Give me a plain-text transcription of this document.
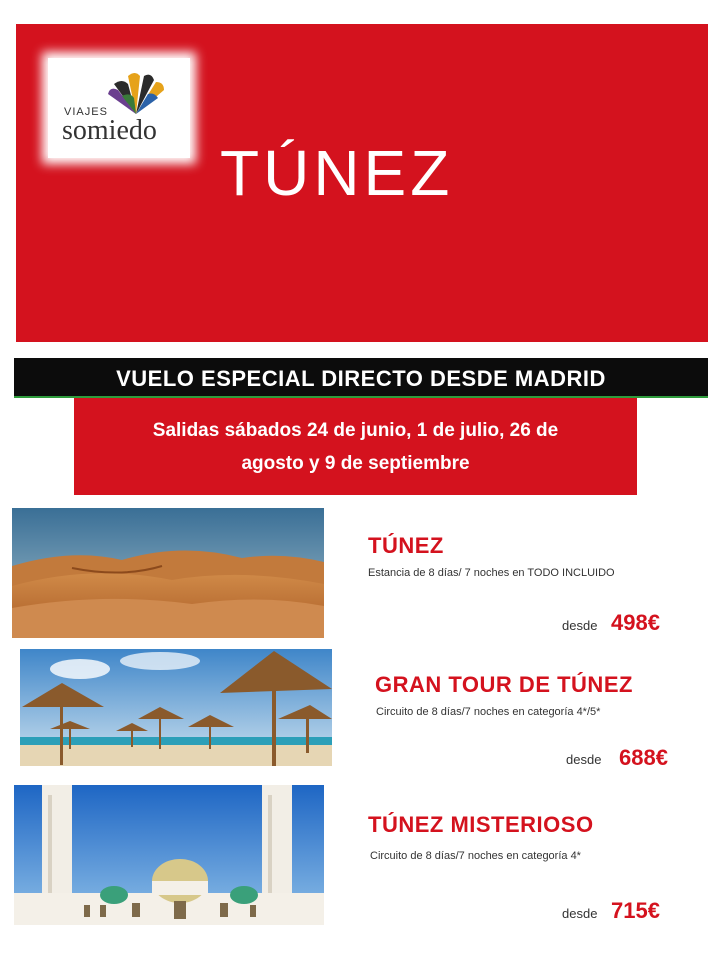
VIAJES
somiedo
TÚNEZ
VUELO ESPECIAL DIRECTO DESDE MADRID
Salidas sábados 24 de junio, 1 de julio, 26 de
agosto y 9 de septiembre
TÚNEZ
Estancia de 8 días/ 7 noches en TODO INCLUIDO
desde 498€
GRAN TOUR DE TÚNEZ
Circuito de 8 días/7 noches en categoría 4*/5*
desde 688€
TÚNEZ MISTERIOSO
Circuito de 8 días/7 noches en categoría 4*
desde 715€
